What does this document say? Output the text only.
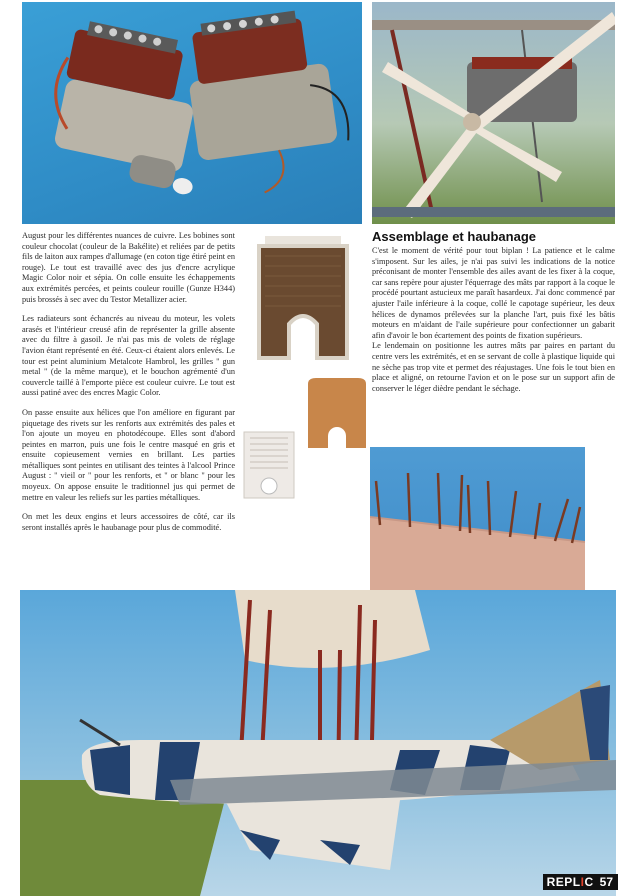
August pour les différentes nuances de cuivre. Les bobines sont couleur chocolat (couleur de la Bakélite) et reliées par de petits fils de laiton aux rampes d'allumage (en coton tige étiré peint en rouge). Le tout est travaillé avec des jus d'encre acrylique Magic Color noir et sépia. On colle ensuite les échappements aux extrémités percées, et peints couleur rouille (Gunze H344) puis brossés à sec avec du Testor Metallizer acier.

Les radiateurs sont échancrés au niveau du moteur, les volets arasés et l'intérieur creusé afin de représenter la grille absente avec du filtre à gasoil. Je n'ai pas mis de volets de réglage l'avion étant représenté en été. Ceux-ci étaient alors enlevés. Le tour est peint aluminium Metalcote Hambrol, les grilles " gun metal " (de la même marque), et le bouchon agrémenté d'un couvercle taillé à l'emporte pièce est couleur cuivre. Le tout est aussi patiné avec des encres Magic Color.

On passe ensuite aux hélices que l'on améliore en figurant par piquetage des rivets sur les renforts aux extrémités des pales et l'on ajoute un moyeu en photodécoupe. Elles sont d'abord peintes en marron, puis une fois le centre masqué en gris et ensuite copieusement vernies en brillant. Les parties métalliques sont peintes en utilisant des teintes à l'alcool Prince August : " vieil or " pour les renforts, et " or blanc " pour les moyeux. On appose ensuite le traditionnel jus qui permet de mettre en valeur les reliefs sur les parties métalliques.

On met les deux engins et leurs accessoires de côté, car ils seront installés après le haubanage pour plus de commodité.

Assemblage et haubanage

C'est le moment de vérité pour tout biplan ! La patience et le calme s'imposent. Sur les ailes, je n'ai pas suivi les indications de la notice préconisant de monter l'ensemble des ailes avant de les fixer à la coque, car sans repère pour ajuster l'équerrage des mâts par rapport à la coque le procédé pourtant astucieux me paraît hasardeux. J'ai donc commencé par ajuster l'aile inférieure à la coque, collé le capotage supérieur, les deux hélices de dynamos prélevées sur la planche l'art, puis fixé les bâtis moteurs en m'aidant de l'aile supérieure pour confectionner un gabarit afin d'avoir le bon écartement des points de fixation supérieurs.

Le lendemain on positionne les autres mâts par paires en partant du centre vers les extrémités, et en se servant de colle à plastique liquide qui ne sèche pas trop vite et permet des réajustages. Une fois le tout bien en place et aligné, on retourne l'avion et on le pose sur un support afin de conserver le léger dièdre pendant le séchage.

REPLIC 57
